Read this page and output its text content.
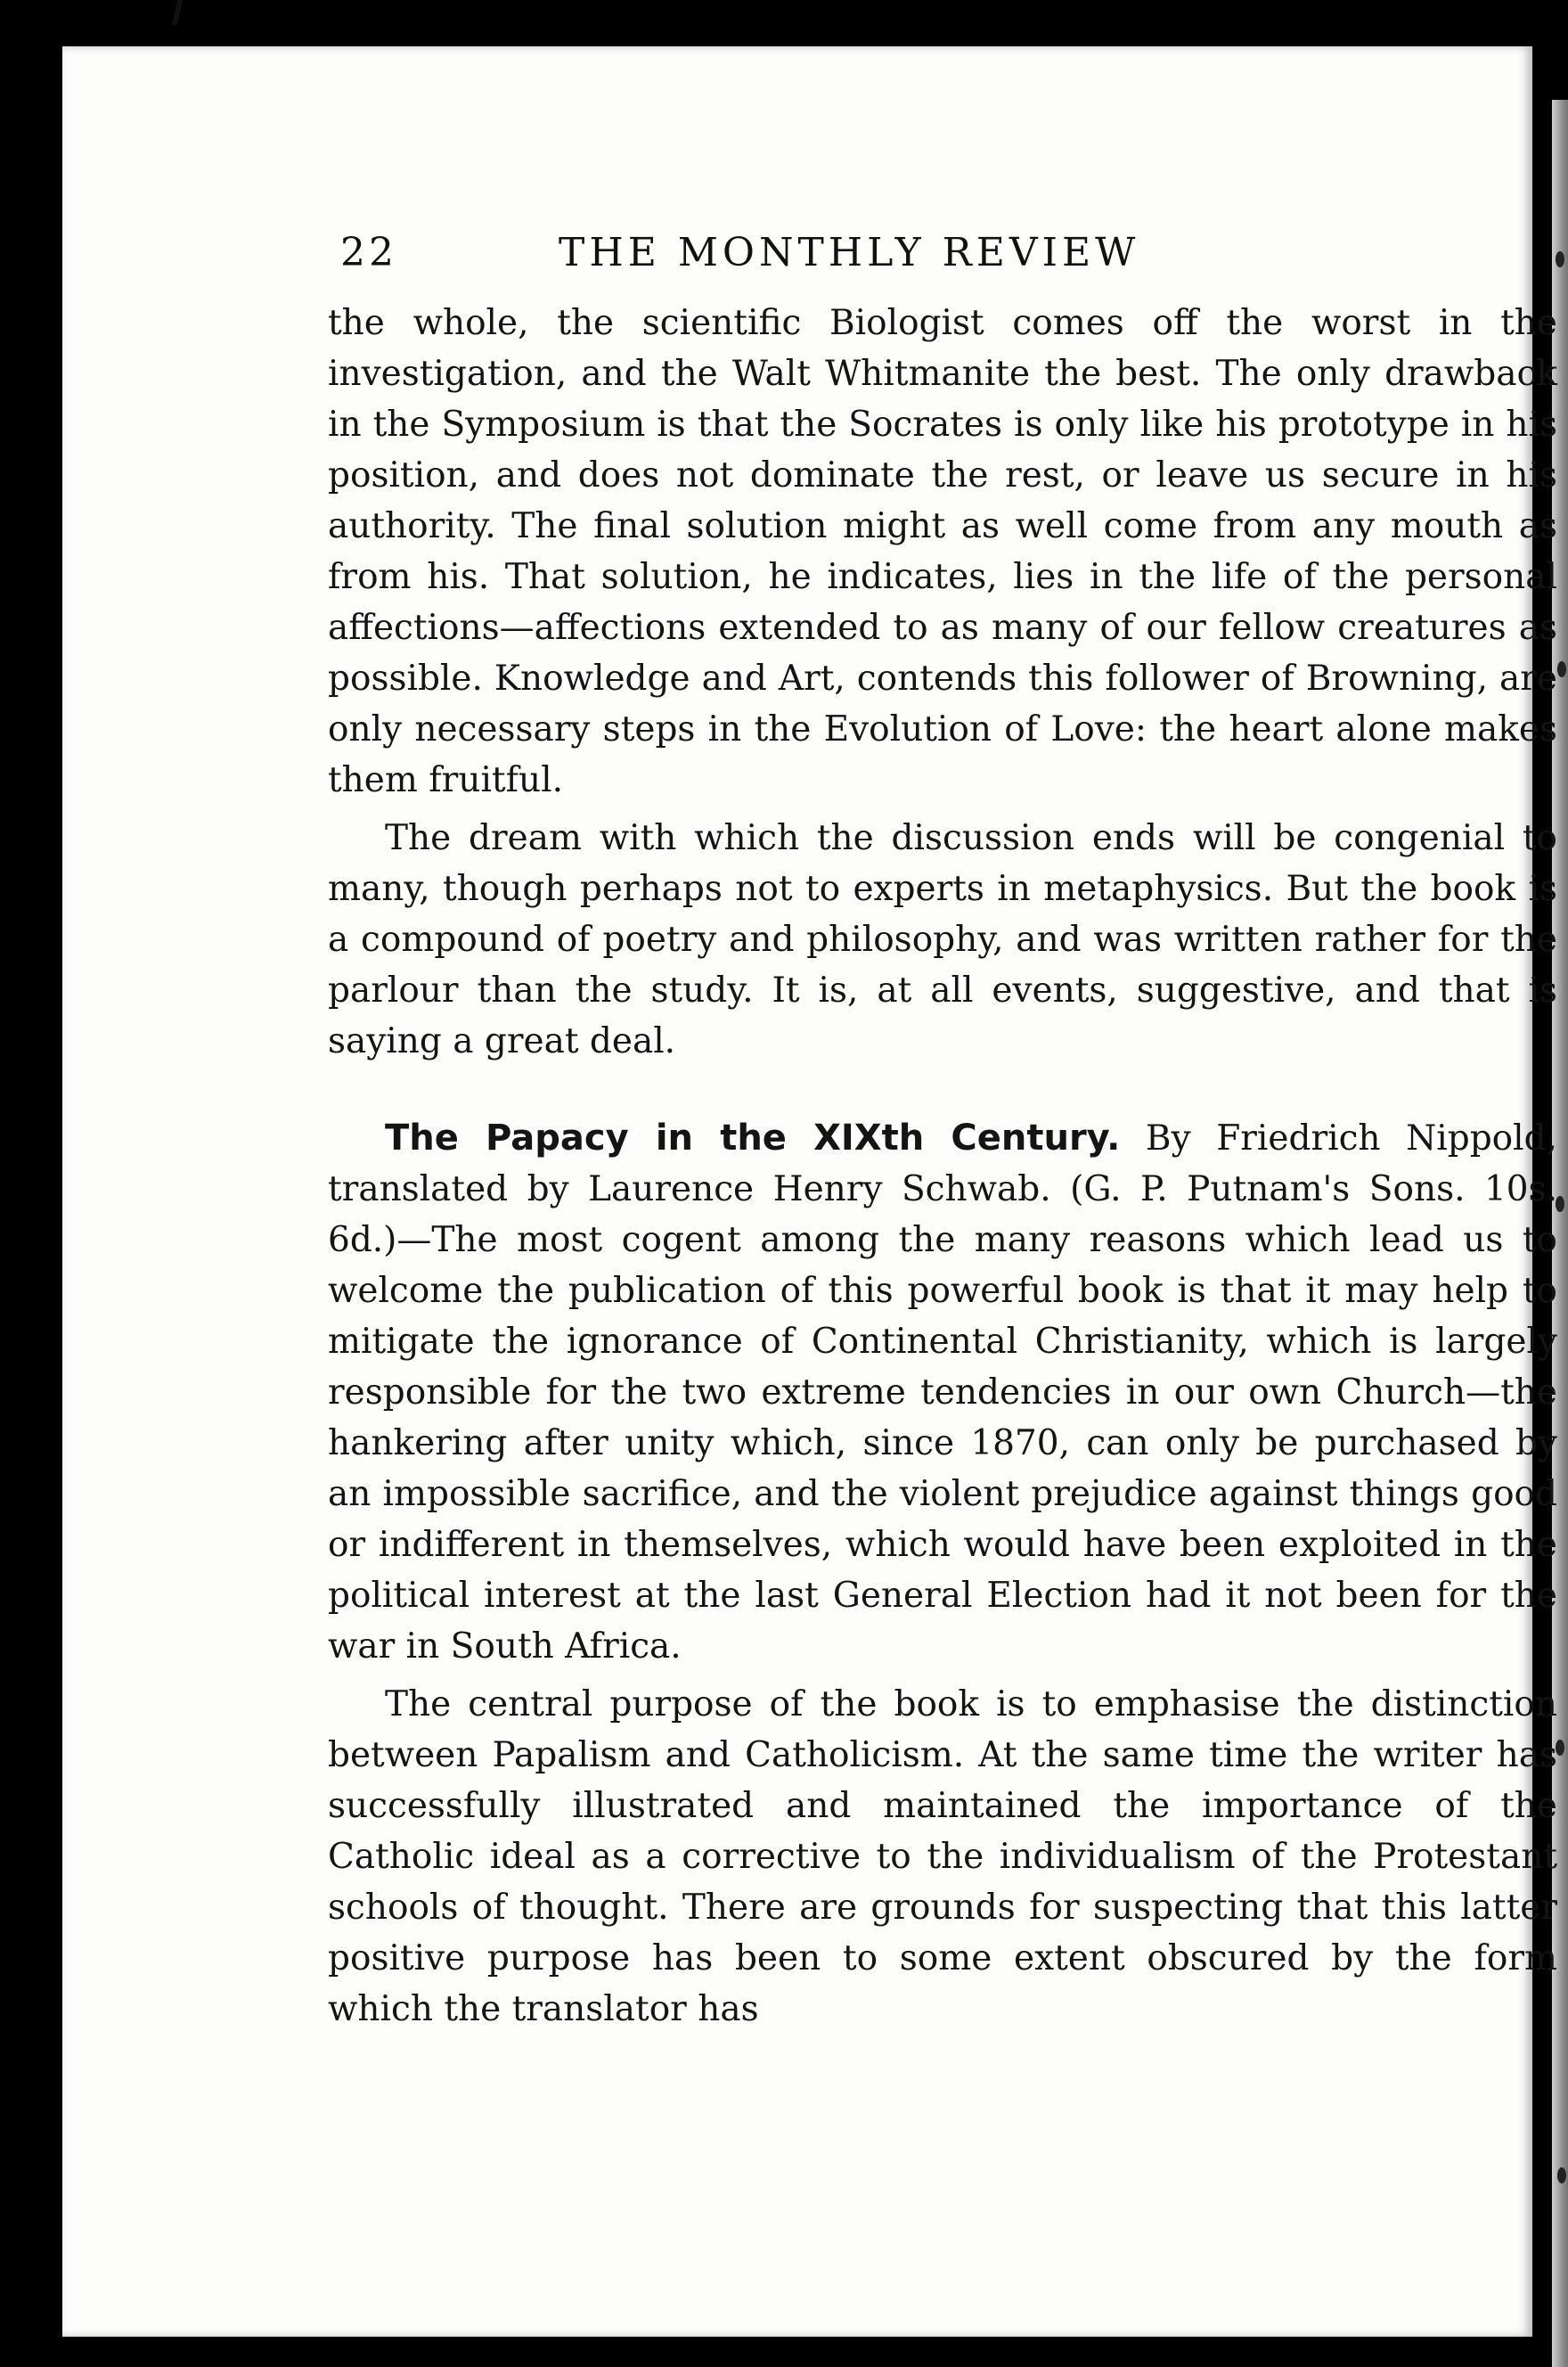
22	THE MONTHLY REVIEW

the whole, the scientific Biologist comes off the worst in the investigation, and the Walt Whitmanite the best. The only drawback in the Symposium is that the Socrates is only like his prototype in his position, and does not dominate the rest, or leave us secure in his authority. The final solution might as well come from any mouth as from his. That solution, he indicates, lies in the life of the personal affections—affections extended to as many of our fellow creatures as possible. Knowledge and Art, contends this follower of Browning, are only necessary steps in the Evolution of Love: the heart alone makes them fruitful.

The dream with which the discussion ends will be congenial to many, though perhaps not to experts in metaphysics. But the book is a compound of poetry and philosophy, and was written rather for the parlour than the study. It is, at all events, suggestive, and that is saying a great deal.

The Papacy in the XIXth Century. By Friedrich Nippold, translated by Laurence Henry Schwab. (G. P. Putnam's Sons. 10s. 6d.)—The most cogent among the many reasons which lead us to welcome the publication of this powerful book is that it may help to mitigate the ignorance of Continental Christianity, which is largely responsible for the two extreme tendencies in our own Church—the hankering after unity which, since 1870, can only be purchased by an impossible sacrifice, and the violent prejudice against things good or indifferent in themselves, which would have been exploited in the political interest at the last General Election had it not been for the war in South Africa.

The central purpose of the book is to emphasise the distinction between Papalism and Catholicism. At the same time the writer has successfully illustrated and maintained the importance of the Catholic ideal as a corrective to the individualism of the Protestant schools of thought. There are grounds for suspecting that this latter positive purpose has been to some extent obscured by the form which the translator has
